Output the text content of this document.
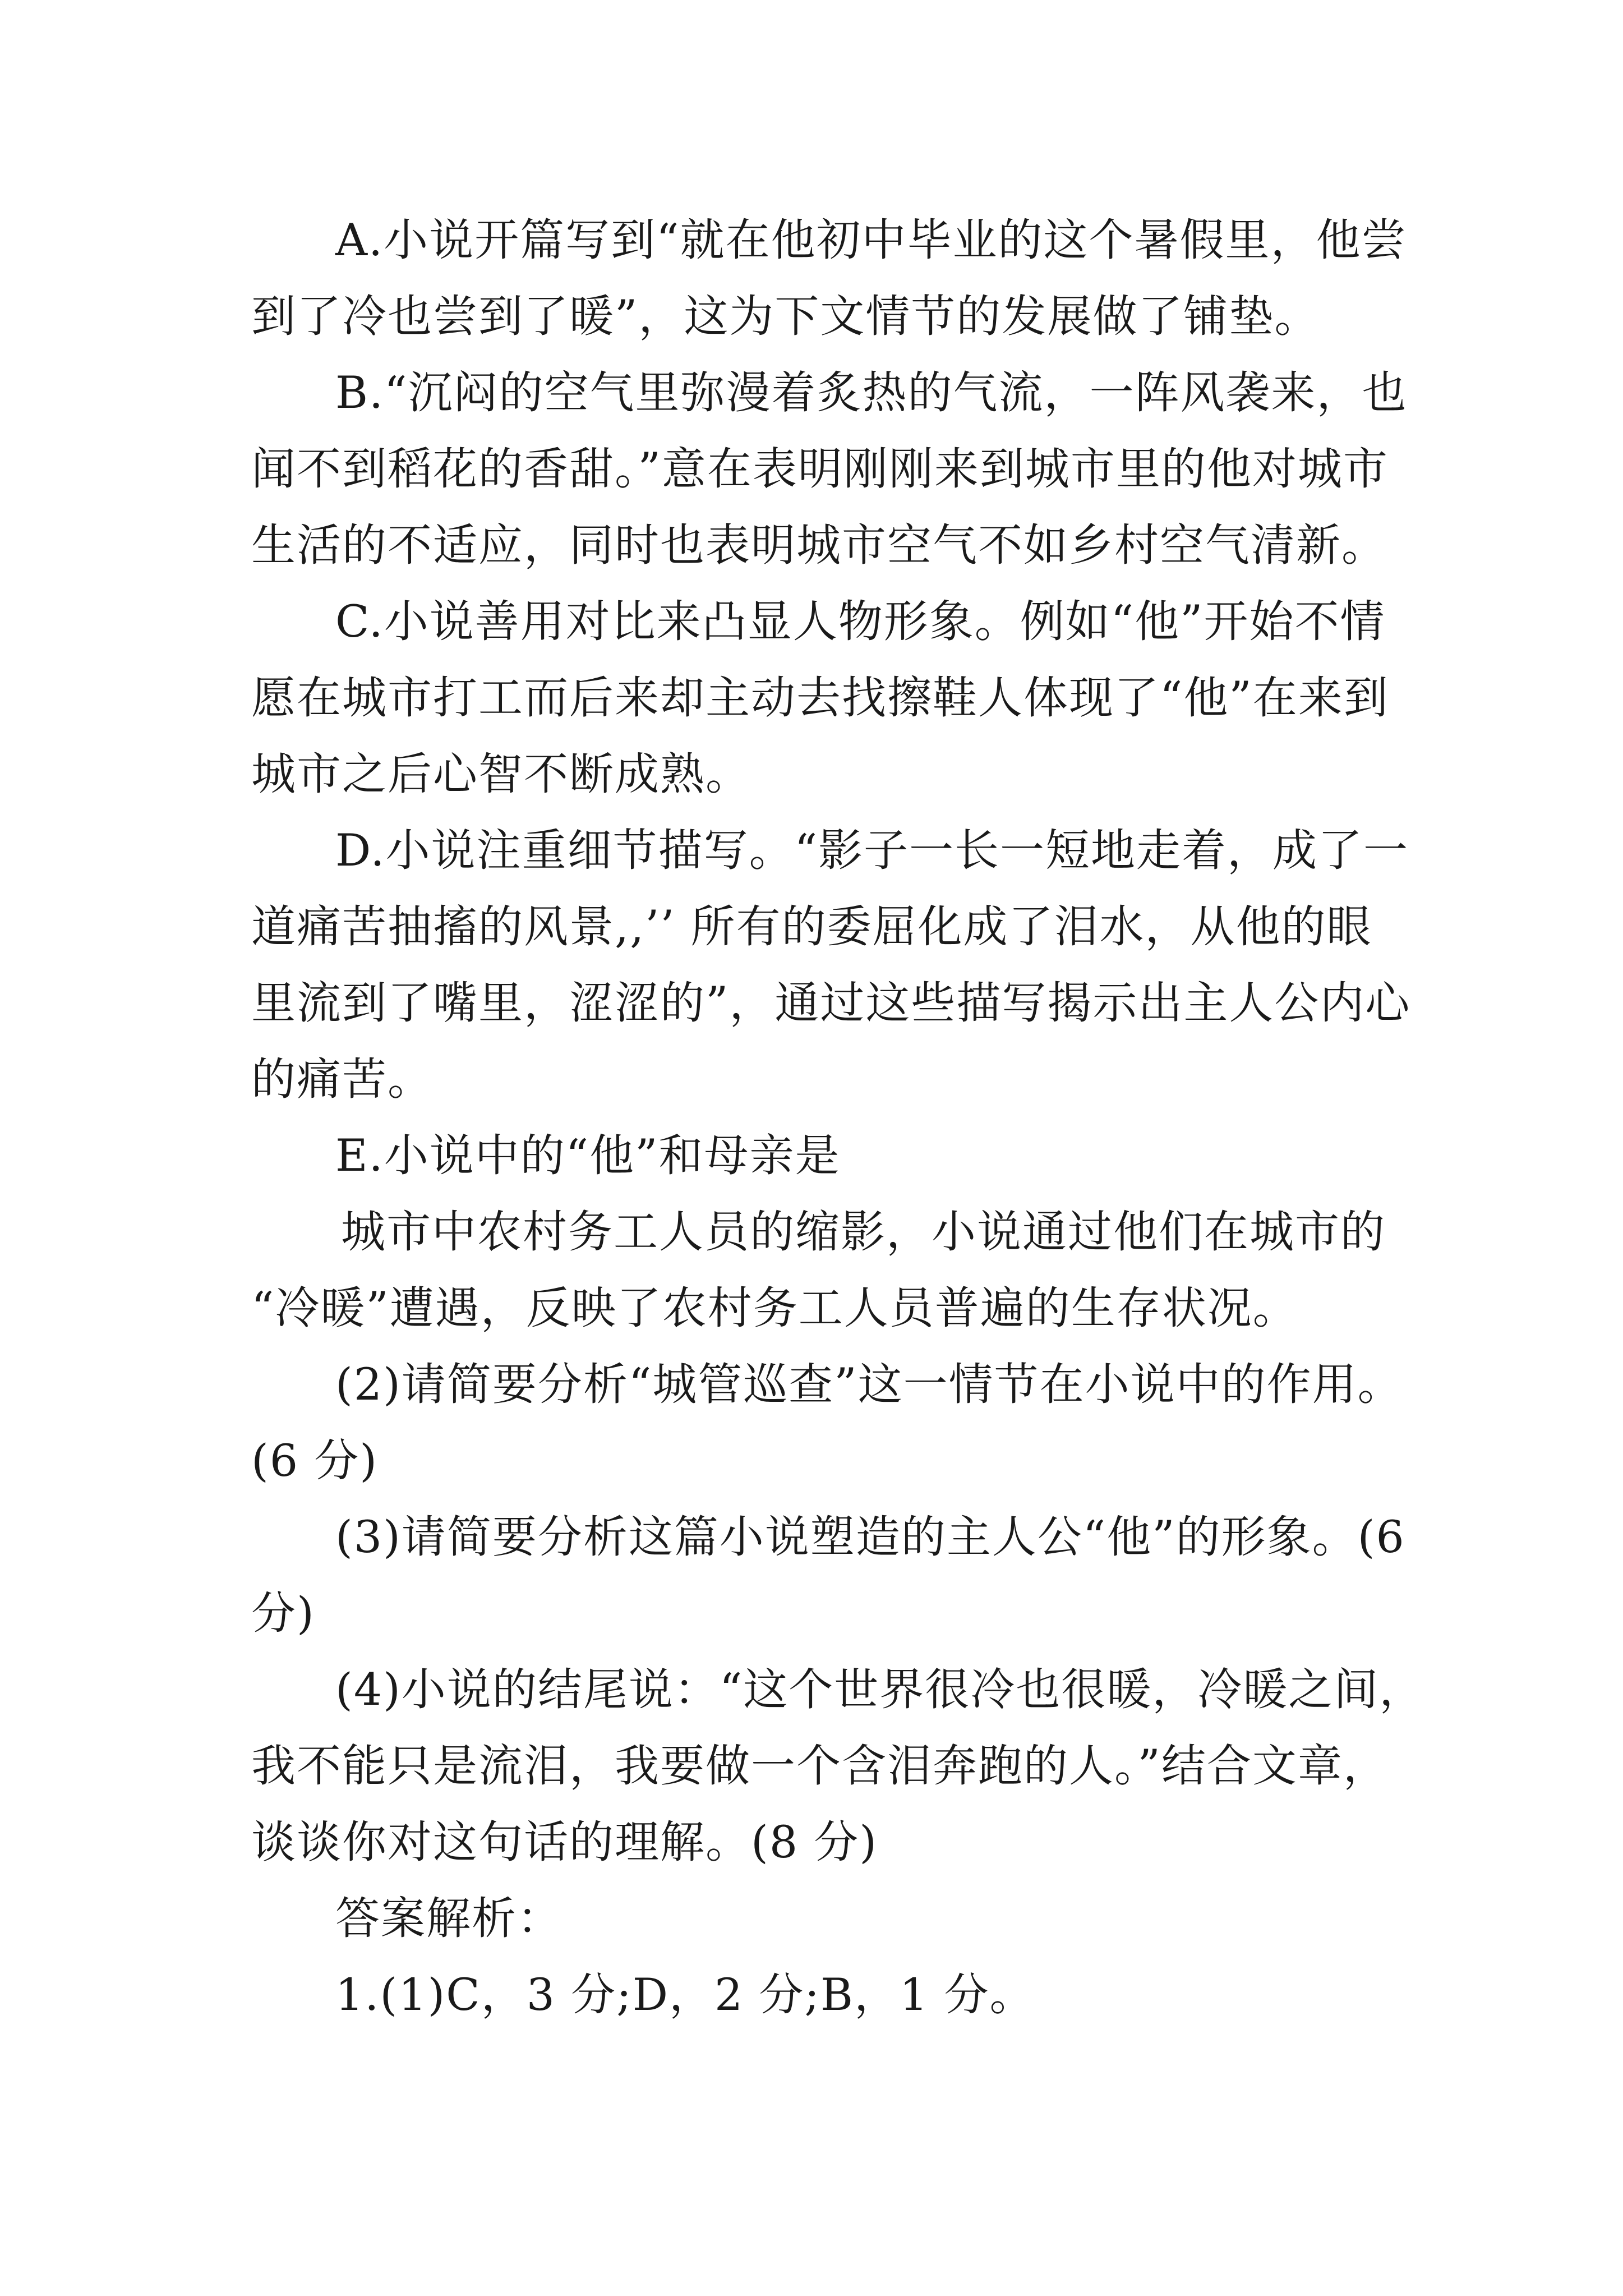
A.小说开篇写到“就在他初中毕业的这个暑假里，他尝
到了冷也尝到了暖”，这为下文情节的发展做了铺垫。
B.“沉闷的空气里弥漫着炙热的气流，一阵风袭来，也
闻不到稻花的香甜。”意在表明刚刚来到城市里的他对城市
生活的不适应，同时也表明城市空气不如乡村空气清新。
C.小说善用对比来凸显人物形象。例如“他”开始不情
愿在城市打工而后来却主动去找擦鞋人体现了“他”在来到
城市之后心智不断成熟。
D.小说注重细节描写。“影子一长一短地走着，成了一
道痛苦抽搐的风景,,’’ 所有的委屈化成了泪水，从他的眼
里流到了嘴里，涩涩的”，通过这些描写揭示出主人公内心
的痛苦。
E.小说中的“他”和母亲是
城市中农村务工人员的缩影，小说通过他们在城市的
“冷暖”遭遇，反映了农村务工人员普遍的生存状况。
(2)请简要分析“城管巡查”这一情节在小说中的作用。
(6 分)
(3)请简要分析这篇小说塑造的主人公“他”的形象。(6
分)
(4)小说的结尾说：“这个世界很冷也很暖，冷暖之间，
我不能只是流泪，我要做一个含泪奔跑的人。”结合文章，
谈谈你对这句话的理解。(8 分)
答案解析：
1.(1)C，3 分;D，2 分;B，1 分。
